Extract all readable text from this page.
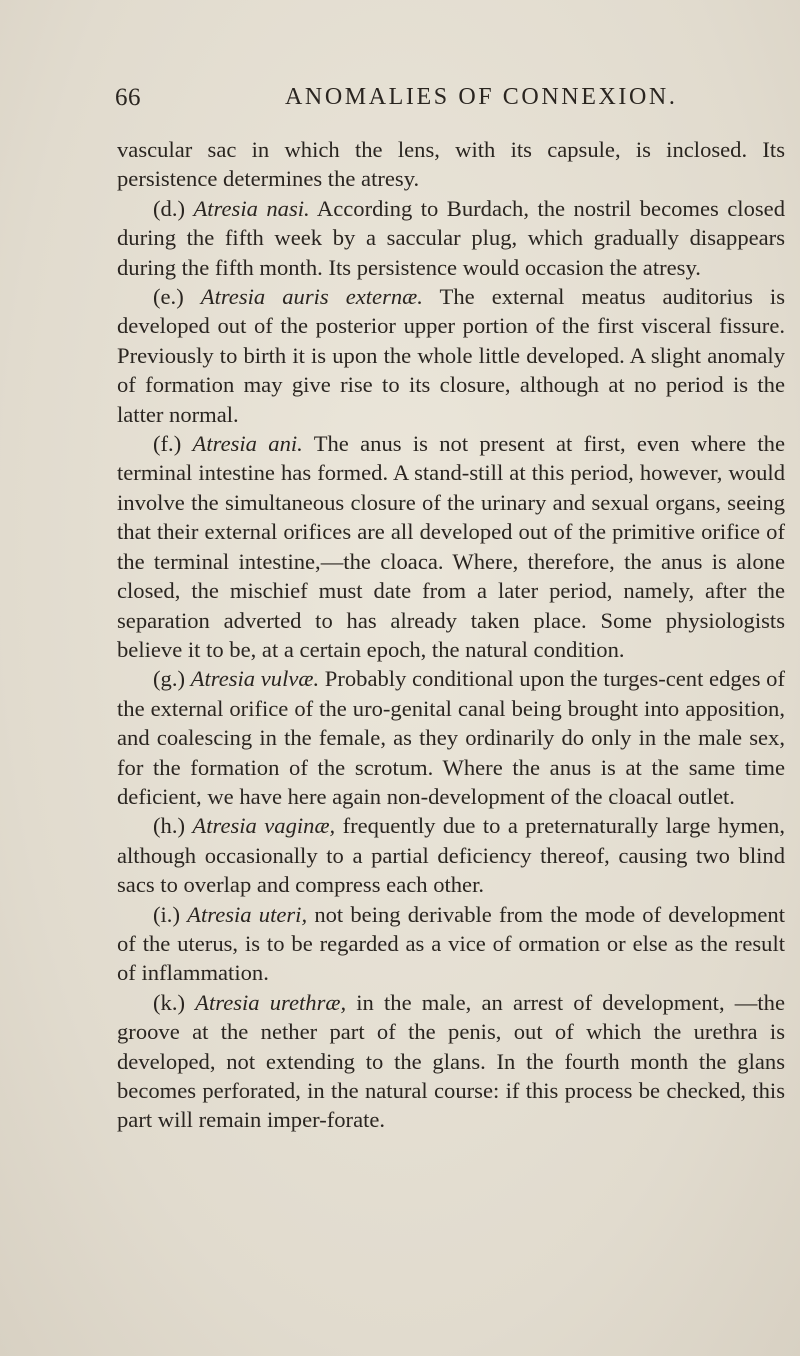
66	ANOMALIES OF CONNEXION.

vascular sac in which the lens, with its capsule, is inclosed. Its persistence determines the atresy.

(d.) Atresia nasi. According to Burdach, the nostril becomes closed during the fifth week by a saccular plug, which gradually disappears during the fifth month. Its persistence would occasion the atresy.

(e.) Atresia auris externæ. The external meatus auditorius is developed out of the posterior upper portion of the first visceral fissure. Previously to birth it is upon the whole little developed. A slight anomaly of formation may give rise to its closure, although at no period is the latter normal.

(f.) Atresia ani. The anus is not present at first, even where the terminal intestine has formed. A stand-still at this period, however, would involve the simultaneous closure of the urinary and sexual organs, seeing that their external orifices are all developed out of the primitive orifice of the terminal intestine,—the cloaca. Where, therefore, the anus is alone closed, the mischief must date from a later period, namely, after the separation adverted to has already taken place. Some physiologists believe it to be, at a certain epoch, the natural condition.

(g.) Atresia vulvæ. Probably conditional upon the turges-cent edges of the external orifice of the uro-genital canal being brought into apposition, and coalescing in the female, as they ordinarily do only in the male sex, for the formation of the scrotum. Where the anus is at the same time deficient, we have here again non-development of the cloacal outlet.

(h.) Atresia vaginæ, frequently due to a preternaturally large hymen, although occasionally to a partial deficiency thereof, causing two blind sacs to overlap and compress each other.

(i.) Atresia uteri, not being derivable from the mode of development of the uterus, is to be regarded as a vice of ormation or else as the result of inflammation.

(k.) Atresia urethræ, in the male, an arrest of development, —the groove at the nether part of the penis, out of which the urethra is developed, not extending to the glans. In the fourth month the glans becomes perforated, in the natural course: if this process be checked, this part will remain imper-forate.
